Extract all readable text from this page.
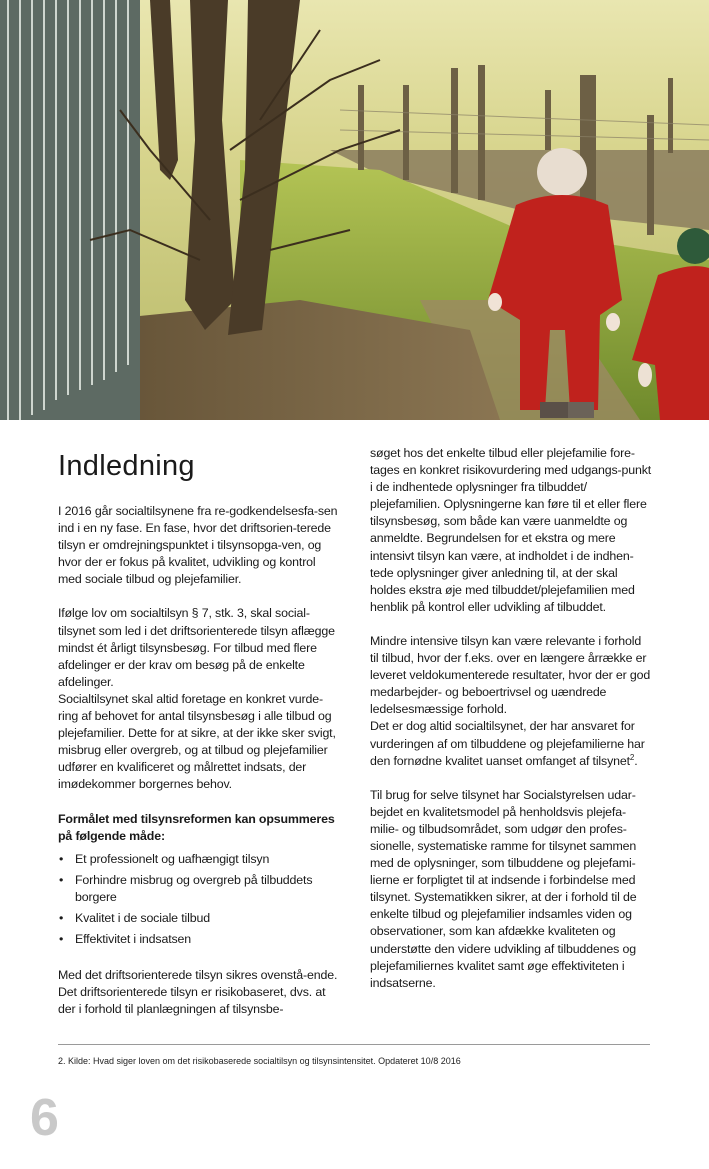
Indledning

I 2016 går socialtilsynene fra re-godkendelsesfa-sen ind i en ny fase. En fase, hvor det driftsorien-terede tilsyn er omdrejningspunktet i tilsynsopga-ven, og hvor der er fokus på kvalitet, udvikling og kontrol med sociale tilbud og plejefamilier.

Ifølge lov om socialtilsyn § 7, stk. 3, skal social-tilsynet som led i det driftsorienterede tilsyn aflægge mindst ét årligt tilsynsbesøg. For tilbud med flere afdelinger er der krav om besøg på de enkelte afdelinger.

Socialtilsynet skal altid foretage en konkret vurde-ring af behovet for antal tilsynsbesøg i alle tilbud og plejefamilier. Dette for at sikre, at der ikke sker svigt, misbrug eller overgreb, og at tilbud og plejefamilier udfører en kvalificeret og målrettet indsats, der imødekommer borgernes behov.

Formålet med tilsynsreformen kan opsummeres på følgende måde:
• Et professionelt og uafhængigt tilsyn
• Forhindre misbrug og overgreb på tilbuddets borgere
• Kvalitet i de sociale tilbud
• Effektivitet i indsatsen

Med det driftsorienterede tilsyn sikres ovenstå-ende. Det driftsorienterede tilsyn er risikobaseret, dvs. at der i forhold til planlægningen af tilsynsbe-

søget hos det enkelte tilbud eller plejefamilie fore-tages en konkret risikovurdering med udgangs-punkt i de indhentede oplysninger fra tilbuddet/ plejefamilien. Oplysningerne kan føre til et eller flere tilsynsbesøg, som både kan være uanmeldte og anmeldte. Begrundelsen for et ekstra og mere intensivt tilsyn kan være, at indholdet i de indhen-tede oplysninger giver anledning til, at der skal holdes ekstra øje med tilbuddet/plejefamilien med henblik på kontrol eller udvikling af tilbuddet.

Mindre intensive tilsyn kan være relevante i forhold til tilbud, hvor der f.eks. over en længere årrække er leveret veldokumenterede resultater, hvor der er god medarbejder- og beboertrivsel og uændrede ledelsesmæssige forhold.

Det er dog altid socialtilsynet, der har ansvaret for vurderingen af om tilbuddene og plejefamilierne har den fornødne kvalitet uanset omfanget af tilsynet$^2$.

Til brug for selve tilsynet har Socialstyrelsen udar-bejdet en kvalitetsmodel på henholdsvis plejefa-milie- og tilbudsområdet, som udgør den profes-sionelle, systematiske ramme for tilsynet sammen med de oplysninger, som tilbuddene og plejefami-lierne er forpligtet til at indsende i forbindelse med tilsynet. Systematikken sikrer, at der i forhold til de enkelte tilbud og plejefamilier indsamles viden og observationer, som kan afdække kvaliteten og understøtte den videre udvikling af tilbuddenes og plejefamiliernes kvalitet samt øge effektiviteten i indsatserne.

2. Kilde: Hvad siger loven om det risikobaserede socialtilsyn og tilsynsintensitet. Opdateret 10/8 2016
6
